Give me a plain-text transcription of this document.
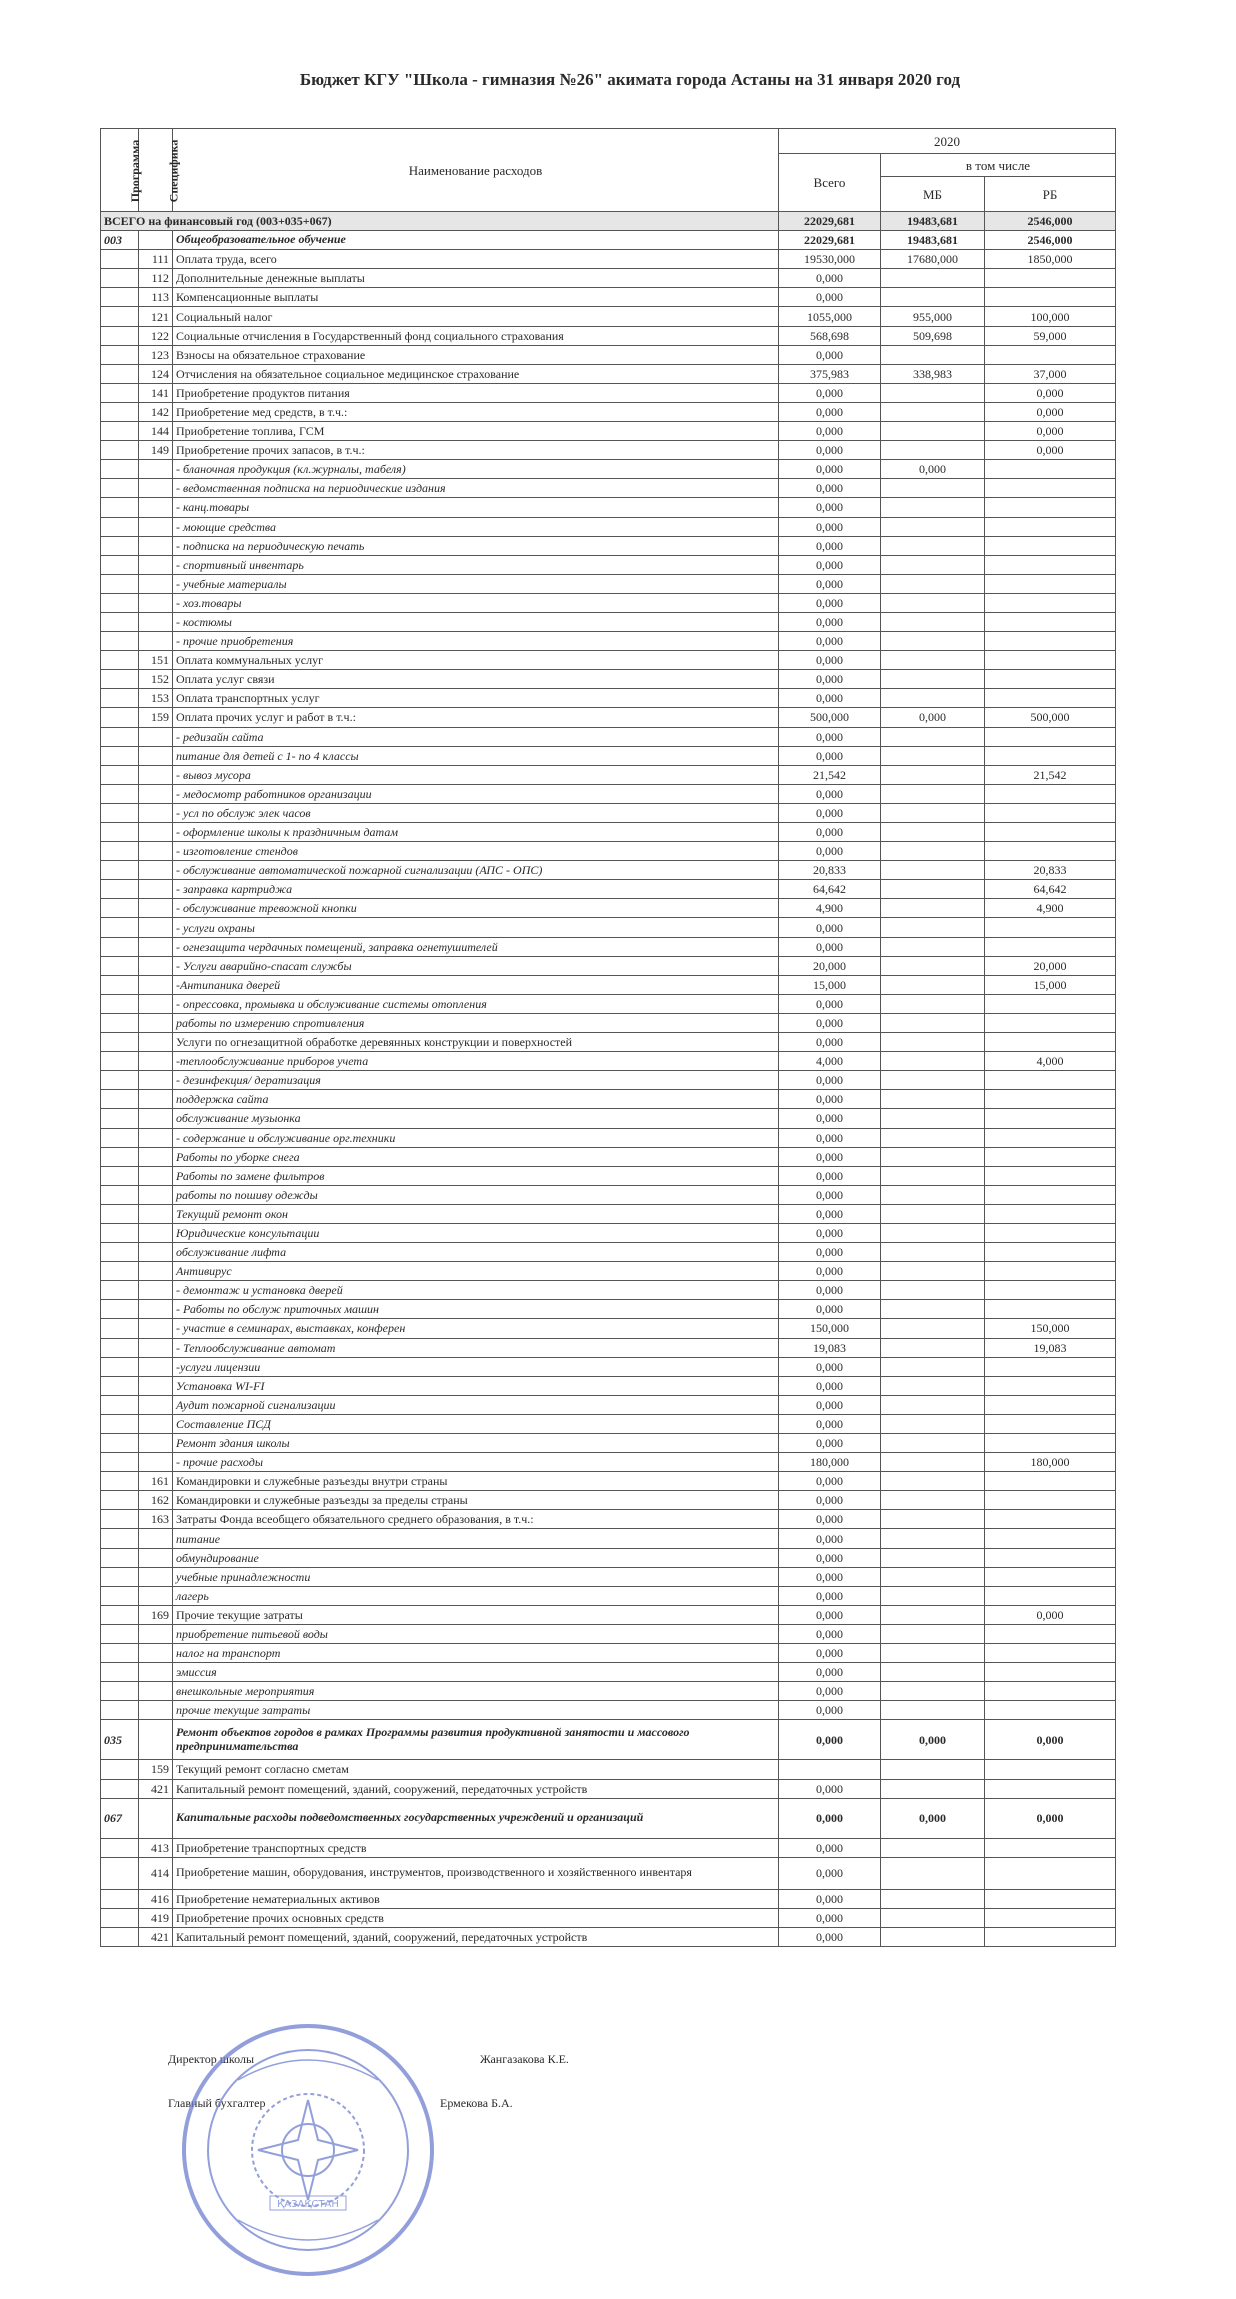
Бюджет КГУ "Школа - гимназия №26" акимата города Астаны на 31 января 2020 год
Программа	Специфика	Наименование расходов	2020		
			Всего	в том числе	
				МБ	РБ
ВСЕГО на финансовый год (003+035+067)			22029,681	19483,681	2546,000
003		Общеобразовательное обучение	22029,681	19483,681	2546,000
	111	Оплата труда, всего	19530,000	17680,000	1850,000
	112	Дополнительные денежные выплаты	0,000		
	113	Компенсационные выплаты	0,000		
	121	Социальный налог	1055,000	955,000	100,000
	122	Социальные отчисления в Государственный фонд социального страхования	568,698	509,698	59,000
	123	Взносы на обязательное страхование	0,000		
	124	Отчисления на обязательное социальное медицинское страхование	375,983	338,983	37,000
	141	Приобретение продуктов питания	0,000		0,000
	142	Приобретение мед средств, в т.ч.:	0,000		0,000
	144	Приобретение топлива, ГСМ	0,000		0,000
	149	Приобретение прочих запасов, в т.ч.:	0,000		0,000
		- бланочная продукция (кл.журналы, табеля)	0,000	0,000	
		- ведомственная подписка на периодические издания	0,000		
		- канц.товары	0,000		
		- моющие средства	0,000		
		- подписка на периодическую печать	0,000		
		- спортивный инвентарь	0,000		
		- учебные материалы	0,000		
		- хоз.товары	0,000		
		- костюмы	0,000		
		- прочие приобретения	0,000		
	151	Оплата коммунальных услуг	0,000		
	152	Оплата услуг связи	0,000		
	153	Оплата транспортных услуг	0,000		
	159	Оплата прочих услуг и работ в т.ч.:	500,000	0,000	500,000
		- редизайн сайта	0,000		
		питание для детей с 1- по 4 классы	0,000		
		- вывоз мусора	21,542		21,542
		- медосмотр работников организации	0,000		
		- усл по обслуж элек часов	0,000		
		- оформление школы к праздничным датам	0,000		
		- изготовление стендов	0,000		
		- обслуживание автоматической пожарной сигнализации (АПС - ОПС)	20,833		20,833
		- заправка картриджа	64,642		64,642
		- обслуживание тревожной кнопки	4,900		4,900
		- услуги охраны	0,000		
		- огнезащита чердачных помещений, заправка огнетушителей	0,000		
		- Услуги аварийно-спасат службы	20,000		20,000
		-Антипаника дверей	15,000		15,000
		- опрессовка, промывка и обслуживание системы отопления	0,000		
		работы по измерению спротивления	0,000		
		Услуги по огнезащитной обработке деревянных конструкции и поверхностей	0,000		
		-теплообслуживание приборов учета	4,000		4,000
		- дезинфекция/ дератизация	0,000		
		поддержка сайта	0,000		
		обслуживание музыонка	0,000		
		- содержание и обслуживание орг.техники	0,000		
		Работы по уборке снега	0,000		
		Работы по замене фильтров	0,000		
		работы по пошиву одежды	0,000		
		Текущий ремонт окон	0,000		
		Юридические консультации	0,000		
		обслуживание лифта	0,000		
		Антивирус	0,000		
		- демонтаж и установка дверей	0,000		
		- Работы по обслуж приточных машин	0,000		
		- участие в семинарах, выставках, конферен	150,000		150,000
		- Теплообслуживание автомат	19,083		19,083
		-услуги лицензии	0,000		
		Установка WI-FI	0,000		
		Аудит пожарной сигнализации	0,000		
		Составление ПСД	0,000		
		Ремонт здания школы	0,000		
		- прочие расходы	180,000		180,000
	161	Командировки и служебные разъезды внутри страны	0,000		
	162	Командировки и служебные разъезды за пределы страны	0,000		
	163	Затраты Фонда всеобщего обязательного среднего образования, в т.ч.:	0,000		
		питание	0,000		
		обмундирование	0,000		
		учебные принадлежности	0,000		
		лагерь	0,000		
	169	Прочие текущие затраты	0,000		0,000
		приобретение питьевой воды	0,000		
		налог на транспорт	0,000		
		эмиссия	0,000		
		внешкольные мероприятия	0,000		
		прочие текущие затраты	0,000		
035		Ремонт объектов городов в рамках Программы развития продуктивной занятости и массового предпринимательства	0,000	0,000	0,000
	159	Текущий ремонт согласно сметам			
	421	Капитальный ремонт помещений, зданий, сооружений, передаточных устройств	0,000		
067		Капитальные расходы подведомственных государственных учреждений и организаций	0,000	0,000	0,000
	413	Приобретение транспортных средств	0,000		
	414	Приобретение машин, оборудования, инструментов, производственного и хозяйственного инвентаря	0,000		
	416	Приобретение нематериальных активов	0,000		
	419	Приобретение прочих основных средств	0,000		
	421	Капитальный ремонт помещений, зданий, сооружений, передаточных устройств	0,000		
Директор школы	Жангазакова К.Е.
Главный бухгалтер	Ермекова Б.А.
ҚАЗАҚСТАН
